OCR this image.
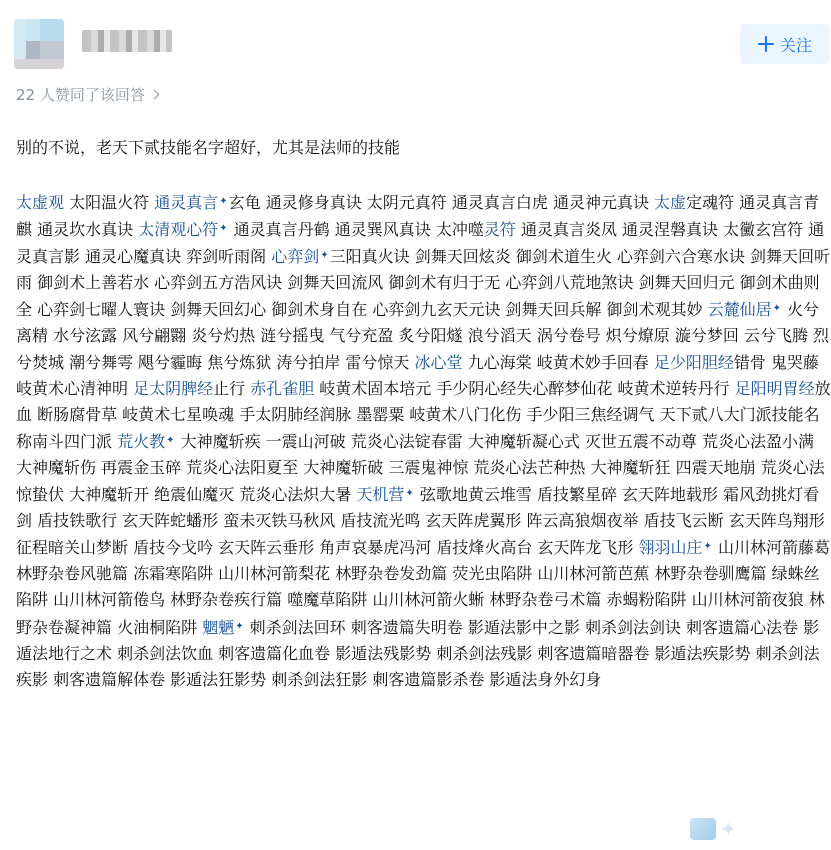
关注
22 人赞同了该回答
别的不说，老天下贰技能名字超好，尤其是法师的技能
太虚观 太阳温火符 通灵真言✦玄龟 通灵修身真诀 太阴元真符 通灵真言白虎 通灵神元真诀 太虚定魂符 通灵真言青麒 通灵坎水真诀 太清观心符✦ 通灵真言丹鹤 通灵巽风真诀 太冲噬灵符 通灵真言炎凤 通灵涅磐真诀 太黴玄宫符 通灵真言影 通灵心魔真诀 弈剑听雨阁 心弈剑✦三阳真火诀 剑舞天回炫炎 御剑术道生火 心弈剑六合寒水诀 剑舞天回听雨 御剑术上善若水 心弈剑五方浩风诀 剑舞天回流风 御剑术有归于无 心弈剑八荒地煞诀 剑舞天回归元 御剑术曲则全 心弈剑七曜人寰诀 剑舞天回幻心 御剑术身自在 心弈剑九玄天元诀 剑舞天回兵解 御剑术观其妙 云麓仙居✦ 火兮离精 水兮泫露 风兮翩翾 炎兮灼热 涟兮摇曳 气兮充盈 炙兮阳燧 浪兮滔天 涡兮卷号 炽兮燎原 漩兮梦回 云兮飞腾 烈兮焚城 潮兮舞雩 飓兮霾晦 焦兮炼狱 涛兮拍岸 雷兮惊天 冰心堂 九心海棠 岐黄术妙手回春 足少阳胆经错骨 鬼哭藤 岐黄术心清神明 足太阴脾经止行 赤孔雀胆 岐黄术固本培元 手少阴心经失心醉梦仙花 岐黄术逆转丹行 足阳明胃经放血 断肠腐骨草 岐黄术七星唤魂 手太阴肺经润脉 墨罂粟 岐黄术八门化伤 手少阳三焦经调气 天下贰八大门派技能名称南斗四门派 荒火教✦ 大神魔斩疾 一震山河破 荒炎心法锭春雷 大神魔斩凝心式 灭世五震不动尊 荒炎心法盈小满 大神魔斩伤 再震金玉碎 荒炎心法阳夏至 大神魔斩破 三震鬼神惊 荒炎心法芒种热 大神魔斩狂 四震天地崩 荒炎心法惊蛰伏 大神魔斩开 绝震仙魔灭 荒炎心法炽大暑 天机营✦ 弦歌地黄云堆雪 盾技繁星碎 玄天阵地载形 霜风劲挑灯看剑 盾技铁歌行 玄天阵蛇蟠形 蛮未灭铁马秋风 盾技流光鸣 玄天阵虎翼形 阵云高狼烟夜举 盾技飞云断 玄天阵鸟翔形 征程暗关山梦断 盾技今戈吟 玄天阵云垂形 角声哀暴虎冯河 盾技烽火高台 玄天阵龙飞形 翎羽山庄✦ 山川林河箭藤葛 林野杂卷风驰篇 冻霜寒陷阱 山川林河箭梨花 林野杂卷发劲篇 荧光虫陷阱 山川林河箭芭蕉 林野杂卷驯鹰篇 绿蛛丝陷阱 山川林河箭倦鸟 林野杂卷疾行篇 噬魔草陷阱 山川林河箭火蜥 林野杂卷弓术篇 赤蝎粉陷阱 山川林河箭夜狼 林野杂卷凝神篇 火油桐陷阱 魍魉✦ 刺杀剑法回环 刺客遗篇失明卷 影遁法影中之影 刺杀剑法剑诀 刺客遗篇心法卷 影遁法地行之术 刺杀剑法饮血 刺客遗篇化血卷 影遁法残影势 刺杀剑法残影 刺客遗篇暗器卷 影遁法疾影势 刺杀剑法疾影 刺客遗篇解体卷 影遁法狂影势 刺杀剑法狂影 刺客遗篇影杀卷 影遁法身外幻身
✦
